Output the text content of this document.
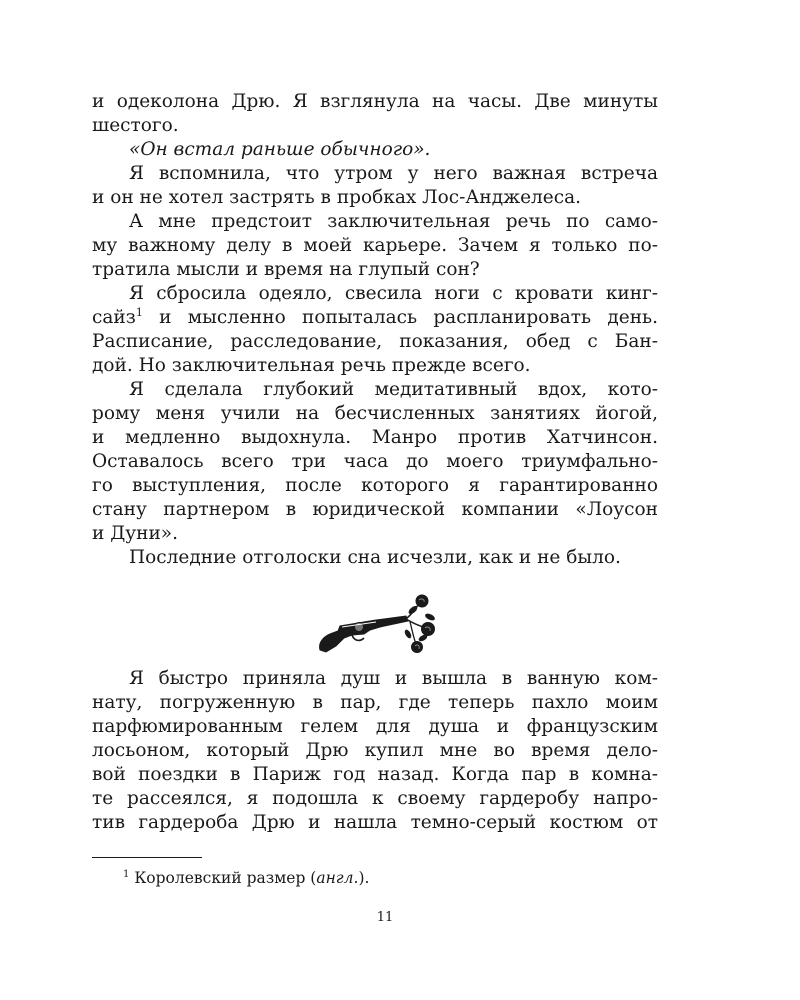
и одеколона Дрю. Я взглянула на часы. Две минуты
шестого.
«Он встал раньше обычного».
Я вспомнила, что утром у него важная встреча
и он не хотел застрять в пробках Лос-Анджелеса.
А мне предстоит заключительная речь по само-
му важному делу в моей карьере. Зачем я только по-
тратила мысли и время на глупый сон?
Я сбросила одеяло, свесила ноги с кровати кинг-
сайз$^1$ и мысленно попыталась распланировать день.
Расписание, расследование, показания, обед с Бан-
дой. Но заключительная речь прежде всего.
Я сделала глубокий медитативный вдох, кото-
рому меня учили на бесчисленных занятиях йогой,
и медленно выдохнула. Манро против Хатчинсон.
Оставалось всего три часа до моего триумфально-
го выступления, после которого я гарантированно
стану партнером в юридической компании «Лоусон
и Дуни».
Последние отголоски сна исчезли, как и не было.
Я быстро приняла душ и вышла в ванную ком-
нату, погруженную в пар, где теперь пахло моим
парфюмированным гелем для душа и французским
лосьоном, который Дрю купил мне во время дело-
вой поездки в Париж год назад. Когда пар в комна-
те рассеялся, я подошла к своему гардеробу напро-
тив гардероба Дрю и нашла темно-серый костюм от
$^1$ Королевский размер (англ.).
11
